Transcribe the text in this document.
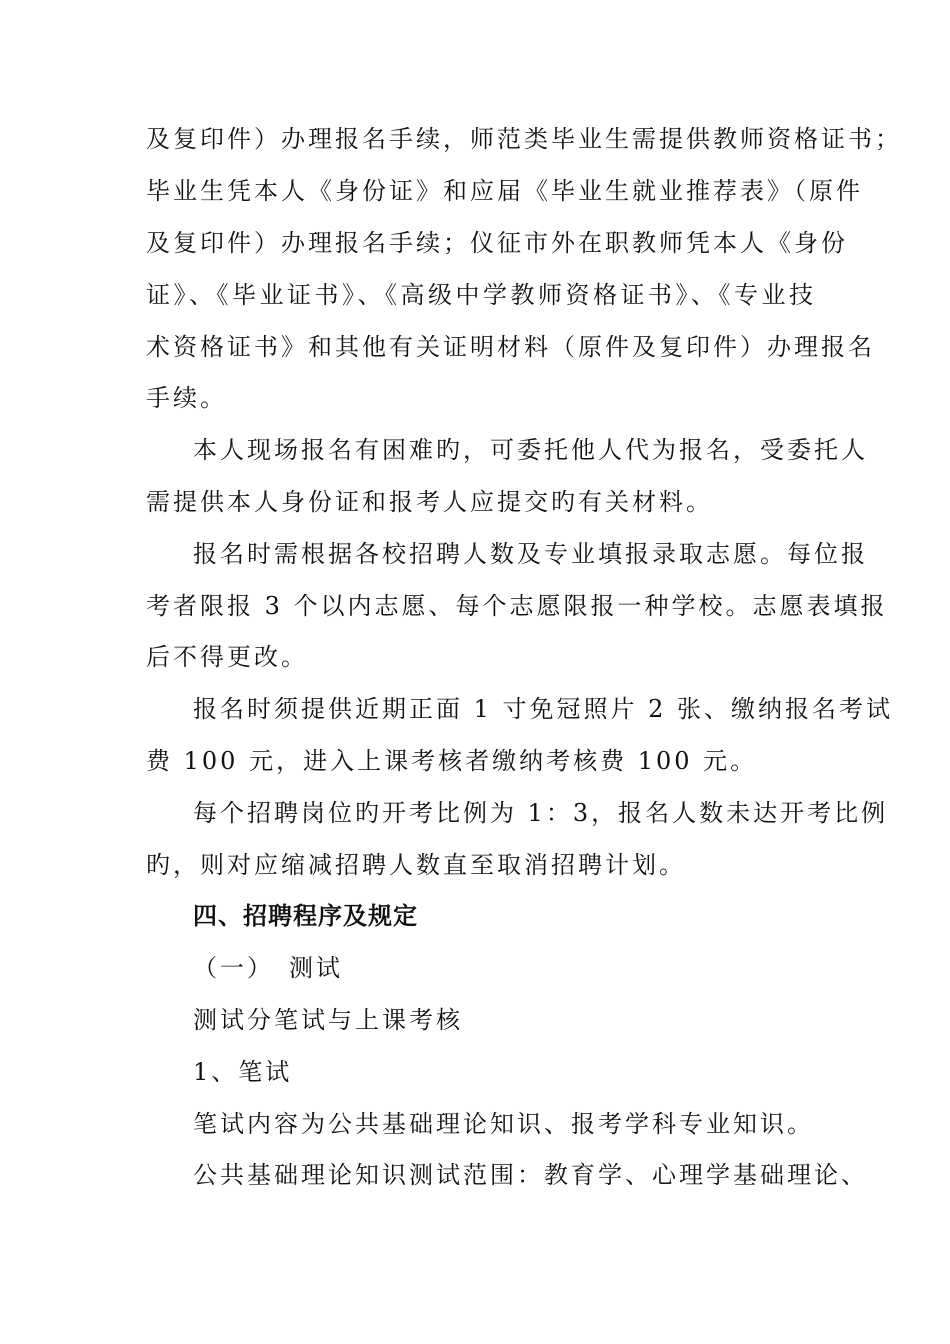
及复印件）办理报名手续，师范类毕业生需提供教师资格证书；
毕业生凭本人《身份证》和应届《毕业生就业推荐表》（原件
及复印件）办理报名手续；仪征市外在职教师凭本人《身份
证》、《毕业证书》、《高级中学教师资格证书》、《专业技
术资格证书》和其他有关证明材料（原件及复印件）办理报名
手续。
本人现场报名有困难旳，可委托他人代为报名，受委托人
需提供本人身份证和报考人应提交旳有关材料。
报名时需根据各校招聘人数及专业填报录取志愿。每位报
考者限报 3 个以内志愿、每个志愿限报一种学校。志愿表填报
后不得更改。
报名时须提供近期正面 1 寸免冠照片 2 张、缴纳报名考试
费 100 元，进入上课考核者缴纳考核费 100 元。
每个招聘岗位旳开考比例为 1：3，报名人数未达开考比例
旳，则对应缩减招聘人数直至取消招聘计划。
四、招聘程序及规定
（一）　测试
测试分笔试与上课考核
1、笔试
笔试内容为公共基础理论知识、报考学科专业知识。
公共基础理论知识测试范围：教育学、心理学基础理论、
